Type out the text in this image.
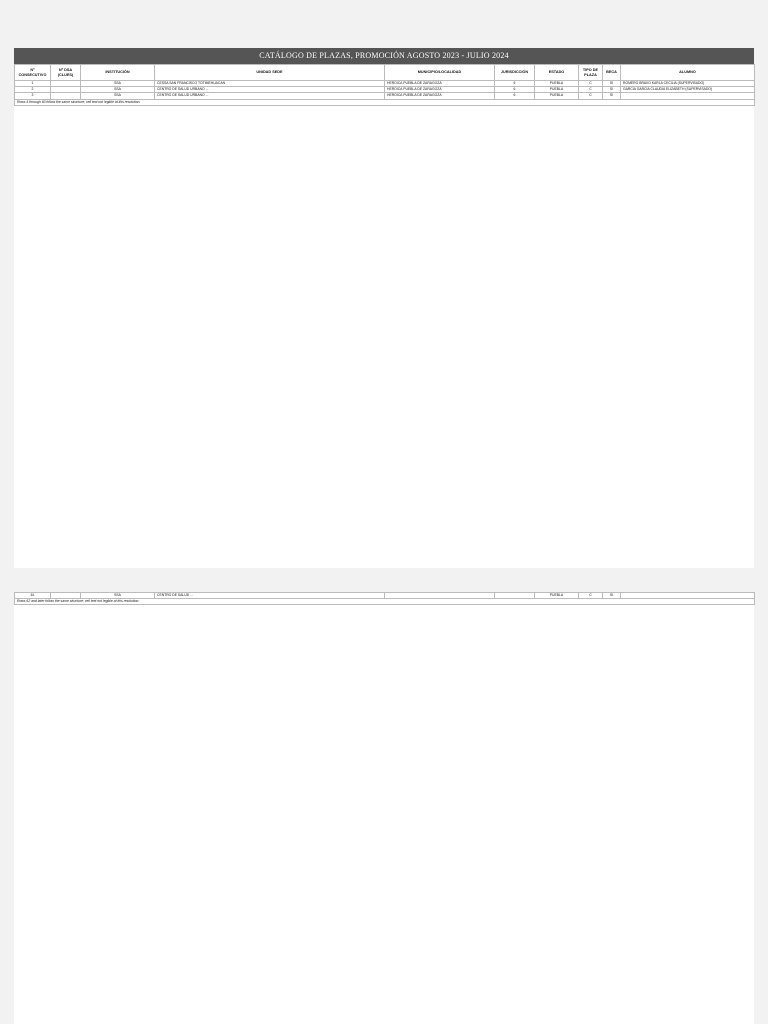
CATÁLOGO DE PLAZAS, PROMOCIÓN AGOSTO 2023 - JULIO 2024
Nº CONSECUTIVO	Nº DSA (CLUES)	INSTITUCIÓN	UNIDAD SEDE	MUNICIPIO/LOCALIDAD	JURISDICCIÓN	ESTADO	TIPO DE PLAZA	BECA	ALUMNO
1		SSA	CESSA SAN FRANCISCO TOTIMEHUACAN	HEROICA PUEBLA DE ZARAGOZA	6	PUEBLA	C	SI	ROMERO BRAVO KARLA CECILIA (SUPERVISADO)
2		SSA	CENTRO DE SALUD URBANO ...	HEROICA PUEBLA DE ZARAGOZA	6	PUEBLA	C	SI	GARCIA GARCIA CLAUDIA ELIZABETH (SUPERVISADO)
3		SSA	CENTRO DE SALUD URBANO ...	HEROICA PUEBLA DE ZARAGOZA	6	PUEBLA	C	SI	
Rows 4 through 60 follow the same structure; cell text not legible at this resolution.									
61		SSA	CENTRO DE SALUD ...			PUEBLA	C	SI	
Rows 62 and later follow the same structure; cell text not legible at this resolution.
